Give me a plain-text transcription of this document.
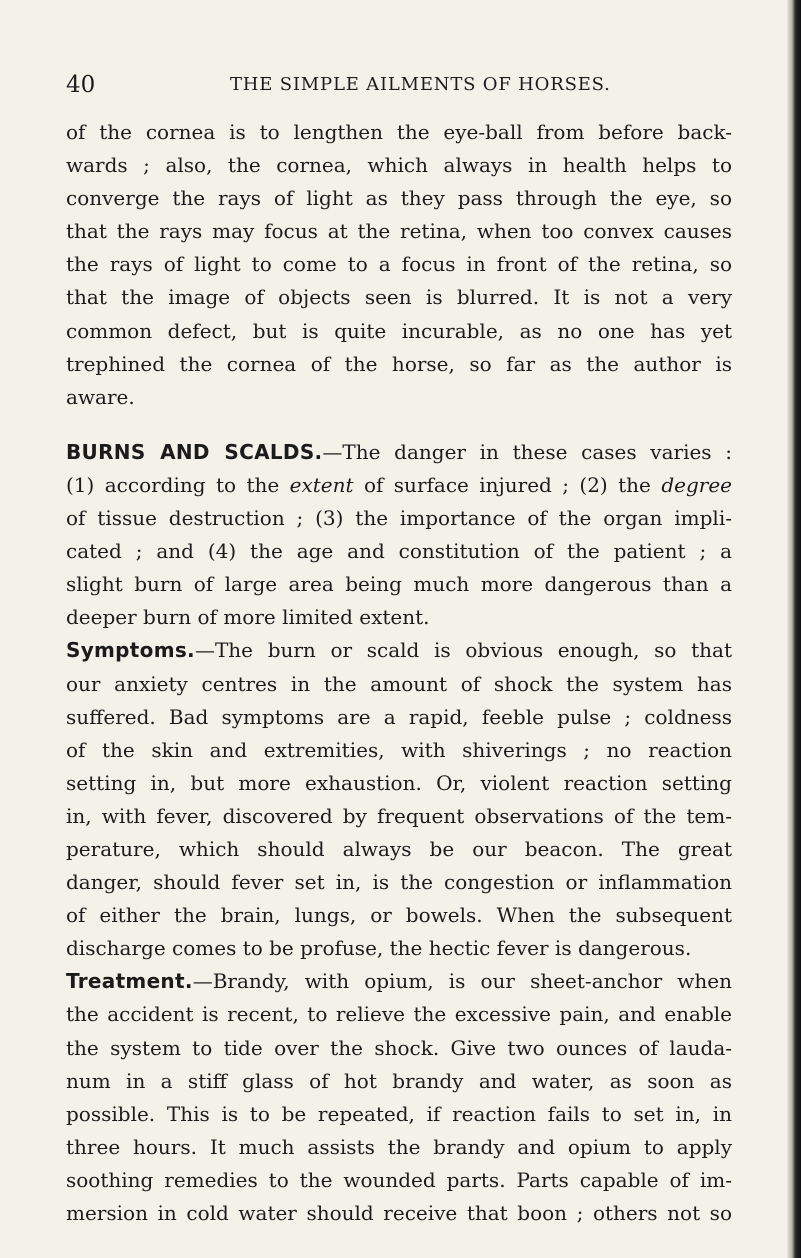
40	THE SIMPLE AILMENTS OF HORSES.

of the cornea is to lengthen the eye-ball from before back-

wards ; also, the cornea, which always in health helps to

converge the rays of light as they pass through the eye, so

that the rays may focus at the retina, when too convex causes

the rays of light to come to a focus in front of the retina, so

that the image of objects seen is blurred. It is not a very

common defect, but is quite incurable, as no one has yet

trephined the cornea of the horse, so far as the author is

aware.

BURNS AND SCALDS.—The danger in these cases varies :

(1) according to the extent of surface injured ; (2) the degree

of tissue destruction ; (3) the importance of the organ impli-

cated ; and (4) the age and constitution of the patient ; a

slight burn of large area being much more dangerous than a

deeper burn of more limited extent.

Symptoms.—The burn or scald is obvious enough, so that

our anxiety centres in the amount of shock the system has

suffered. Bad symptoms are a rapid, feeble pulse ; coldness

of the skin and extremities, with shiverings ; no reaction

setting in, but more exhaustion. Or, violent reaction setting

in, with fever, discovered by frequent observations of the tem-

perature, which should always be our beacon. The great

danger, should fever set in, is the congestion or inflammation

of either the brain, lungs, or bowels. When the subsequent

discharge comes to be profuse, the hectic fever is dangerous.

Treatment.—Brandy, with opium, is our sheet-anchor when

the accident is recent, to relieve the excessive pain, and enable

the system to tide over the shock. Give two ounces of lauda-

num in a stiff glass of hot brandy and water, as soon as

possible. This is to be repeated, if reaction fails to set in, in

three hours. It much assists the brandy and opium to apply

soothing remedies to the wounded parts. Parts capable of im-

mersion in cold water should receive that boon ; others not so
